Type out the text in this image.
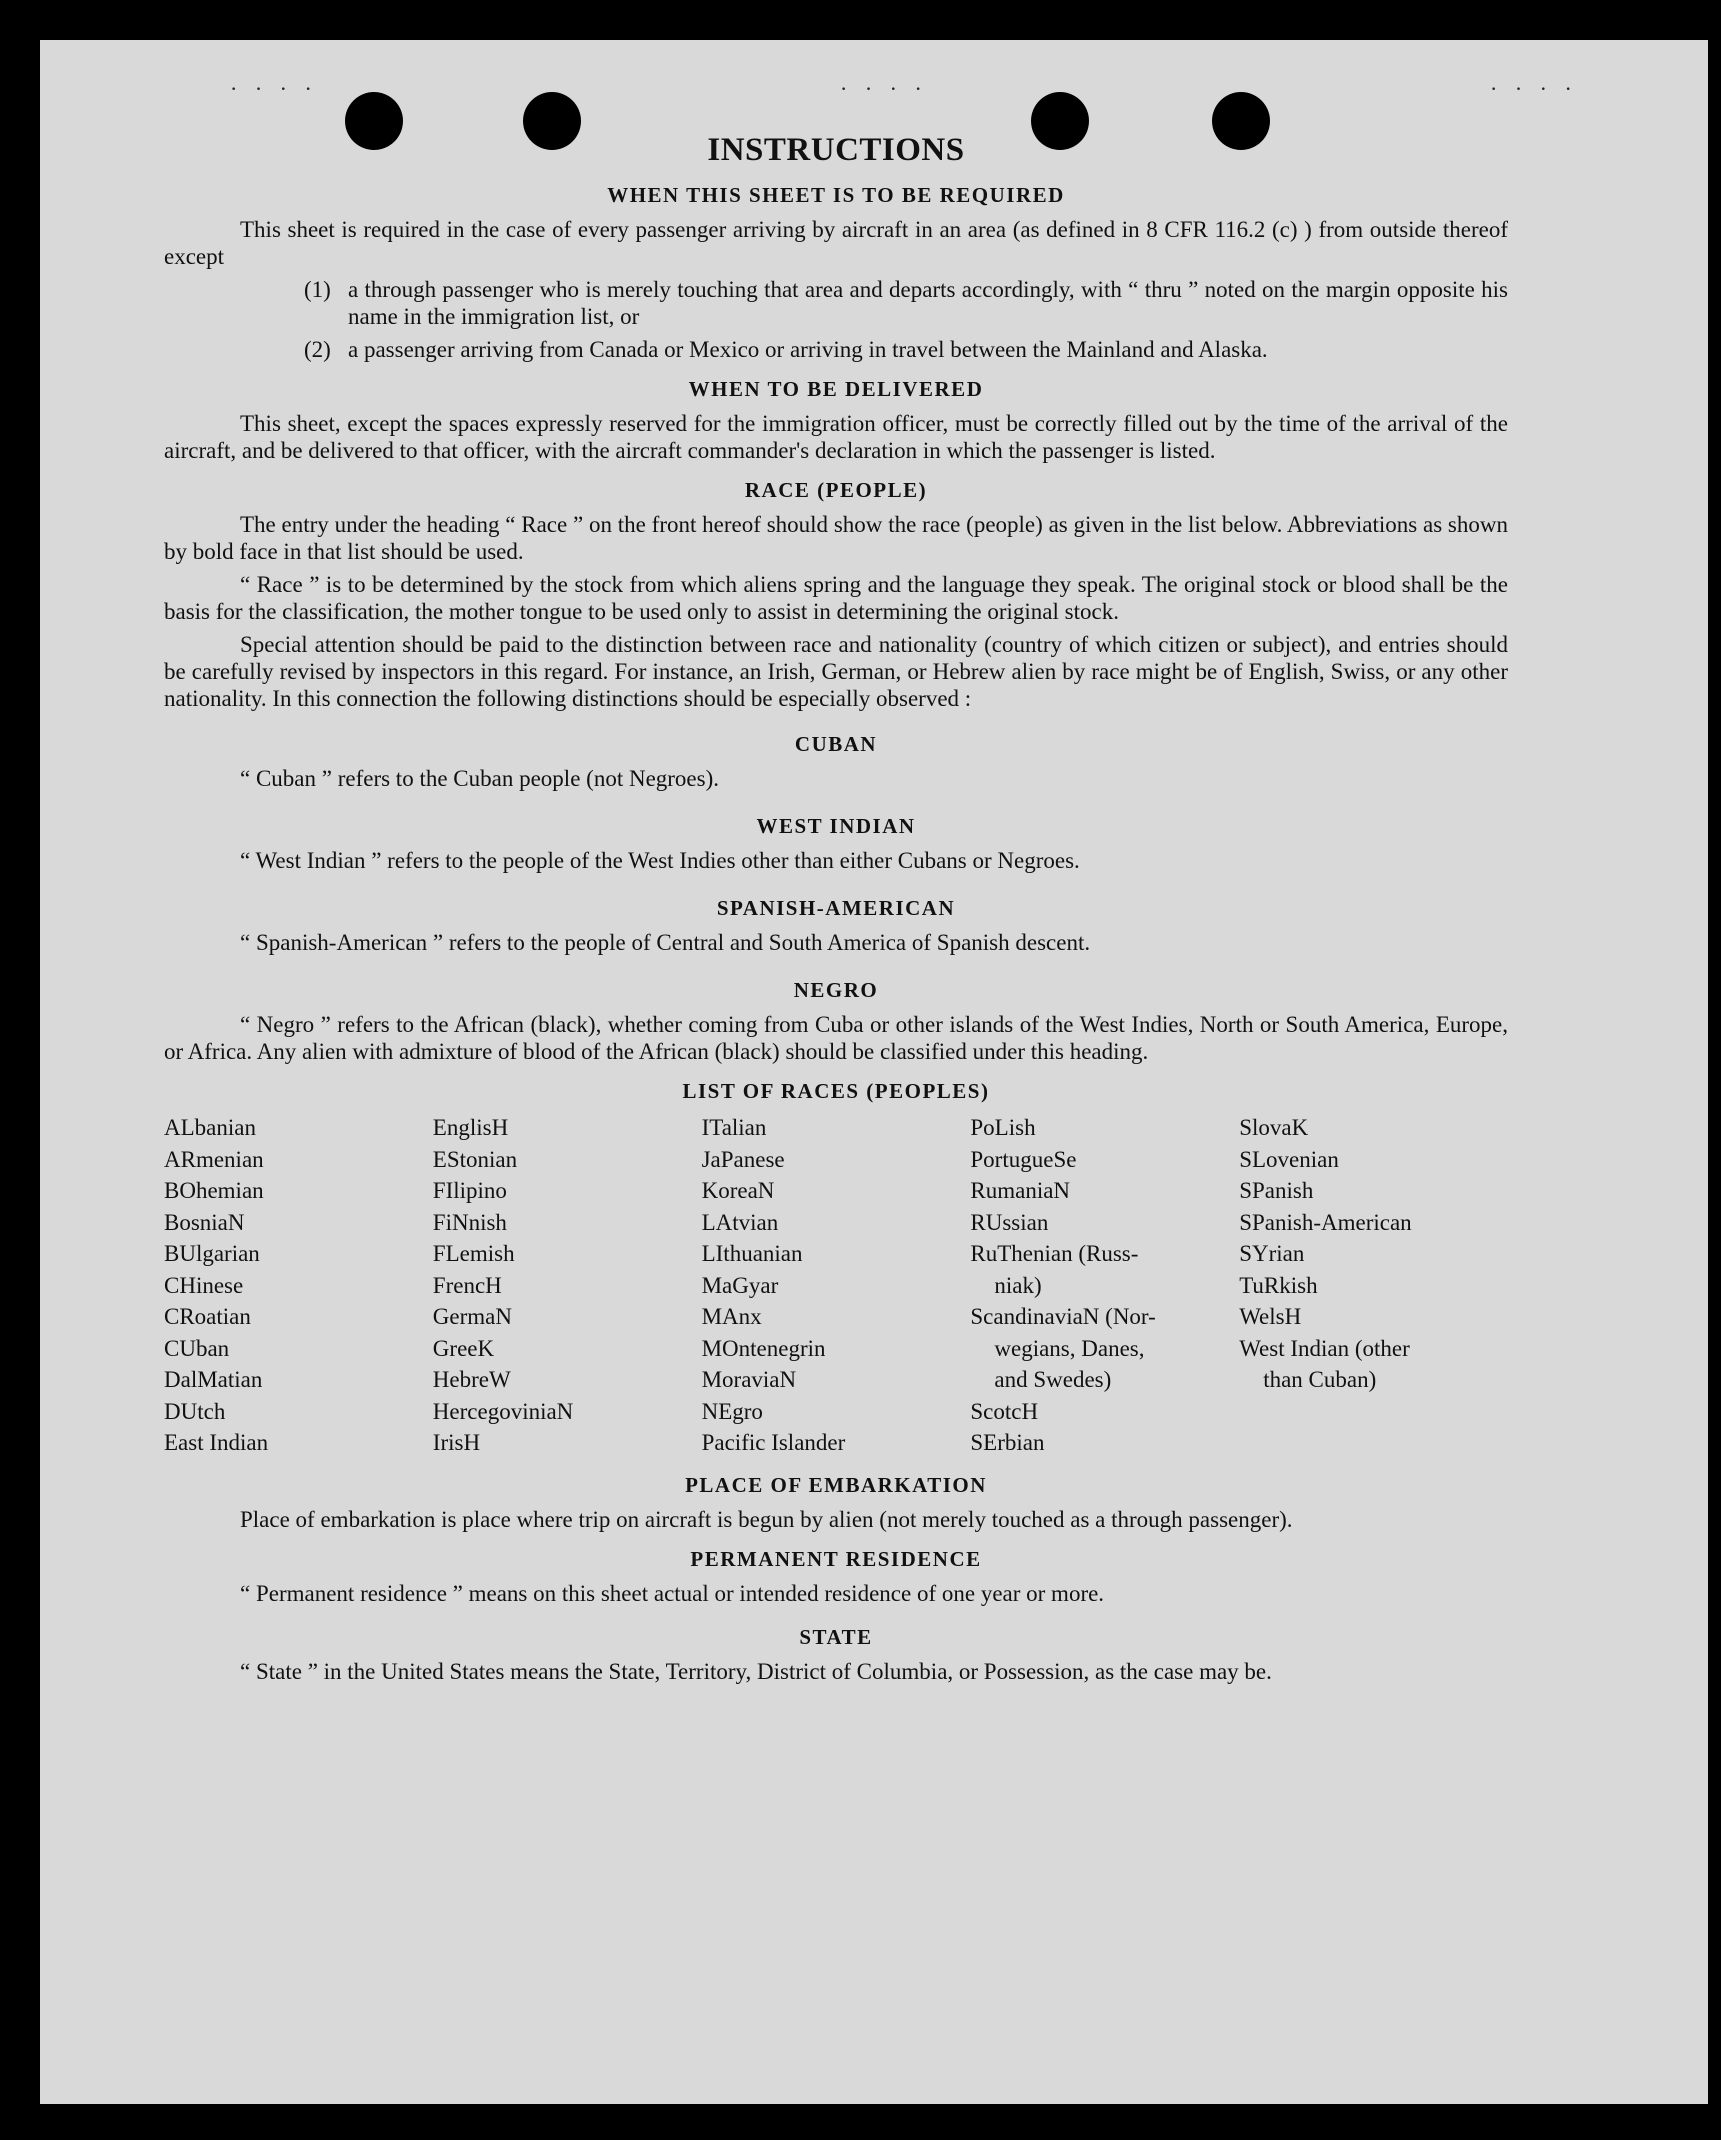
· · · ·	· · · ·	· · · ·
INSTRUCTIONS
WHEN THIS SHEET IS TO BE REQUIRED

This sheet is required in the case of every passenger arriving by aircraft in an area (as defined in 8 CFR 116.2 (c) ) from outside thereof except

(1) a through passenger who is merely touching that area and departs accordingly, with “ thru ” noted on the margin opposite his name in the immigration list, or
(2) a passenger arriving from Canada or Mexico or arriving in travel between the Mainland and Alaska.
WHEN TO BE DELIVERED

This sheet, except the spaces expressly reserved for the immigration officer, must be correctly filled out by the time of the arrival of the aircraft, and be delivered to that officer, with the aircraft commander's declaration in which the passenger is listed.

RACE (PEOPLE)

The entry under the heading “ Race ” on the front hereof should show the race (people) as given in the list below. Abbreviations as shown by bold face in that list should be used.

“ Race ” is to be determined by the stock from which aliens spring and the language they speak. The original stock or blood shall be the basis for the classification, the mother tongue to be used only to assist in determining the original stock.

Special attention should be paid to the distinction between race and nationality (country of which citizen or subject), and entries should be carefully revised by inspectors in this regard. For instance, an Irish, German, or Hebrew alien by race might be of English, Swiss, or any other nationality. In this connection the following distinctions should be especially observed :

CUBAN

“ Cuban ” refers to the Cuban people (not Negroes).

WEST INDIAN

“ West Indian ” refers to the people of the West Indies other than either Cubans or Negroes.

SPANISH-AMERICAN

“ Spanish-American ” refers to the people of Central and South America of Spanish descent.

NEGRO

“ Negro ” refers to the African (black), whether coming from Cuba or other islands of the West Indies, North or South America, Europe, or Africa. Any alien with admixture of blood of the African (black) should be classified under this heading.

LIST OF RACES (PEOPLES)
ALbanian
ARmenian
BOhemian
BosniaN
BUlgarian
CHinese
CRoatian
CUban
DalMatian
DUtch
East Indian
EnglisH
EStonian
FIlipino
FiNnish
FLemish
FrencH
GermaN
GreeK
HebreW
HercegoviniaN
IrisH
ITalian
JaPanese
KoreaN
LAtvian
LIthuanian
MaGyar
MAnx
MOntenegrin
MoraviaN
NEgro
Pacific Islander
PoLish
PortugueSe
RumaniaN
RUssian
RuThenian (Russ-
niak)
ScandinaviaN (Nor-
wegians, Danes,
and Swedes)
ScotcH
SErbian
SlovaK
SLovenian
SPanish
SPanish-American
SYrian
TuRkish
WelsH
West Indian (other
than Cuban)
PLACE OF EMBARKATION

Place of embarkation is place where trip on aircraft is begun by alien (not merely touched as a through passenger).

PERMANENT RESIDENCE

“ Permanent residence ” means on this sheet actual or intended residence of one year or more.

STATE

“ State ” in the United States means the State, Territory, District of Columbia, or Possession, as the case may be.
